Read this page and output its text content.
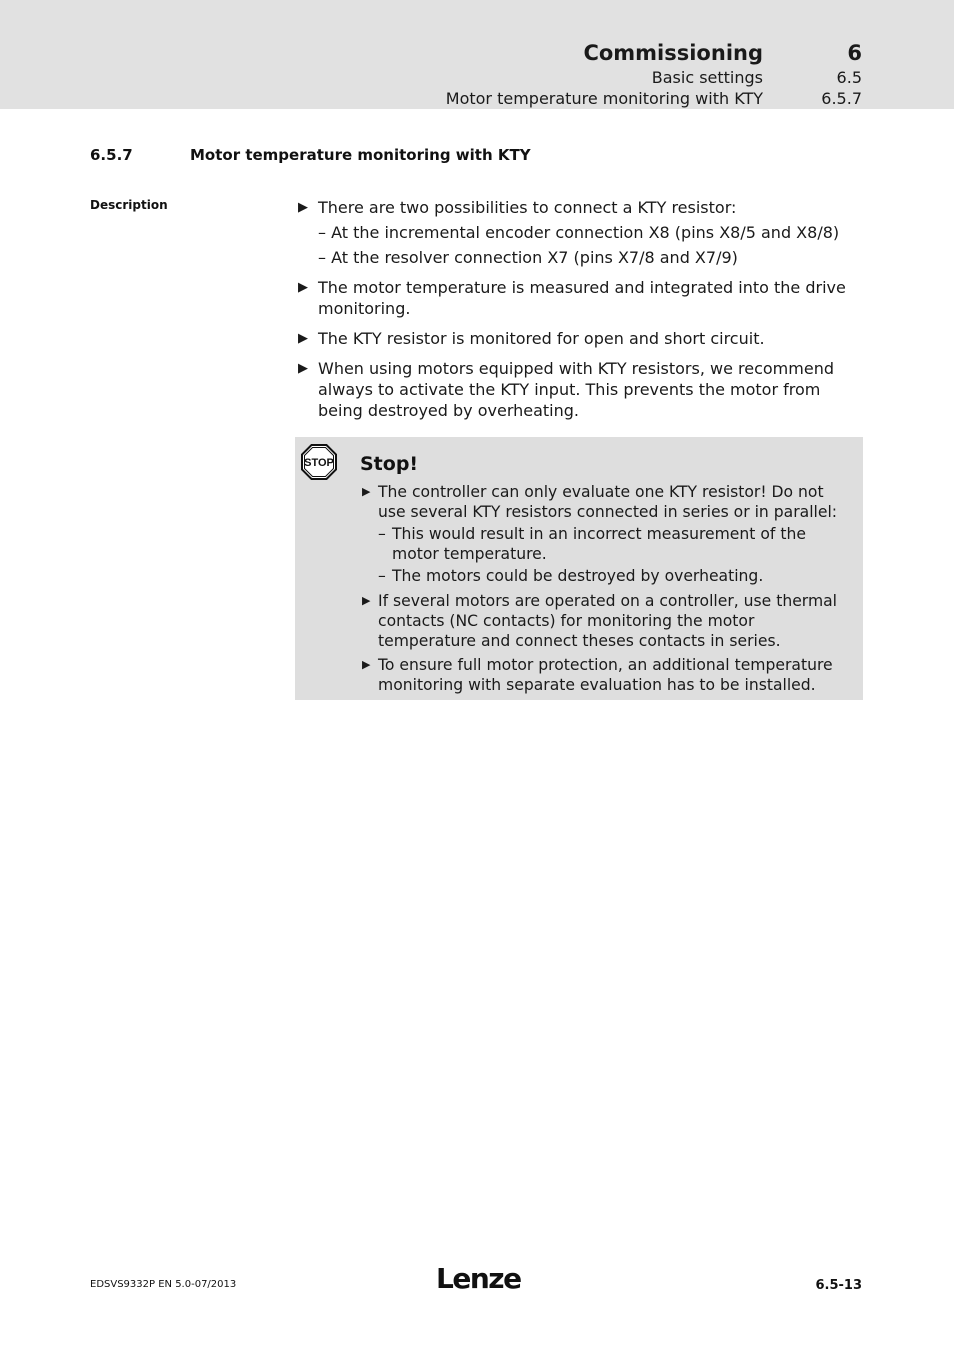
Commissioning	6
Basic settings	6.5
Motor temperature monitoring with KTY	6.5.7
6.5.7	Motor temperature monitoring with KTY
Description	▶ There are two possibilities to connect a KTY resistor:
– At the incremental encoder connection X8 (pins X8/5 and X8/8)
– At the resolver connection X7 (pins X7/8 and X7/9)
▶ The motor temperature is measured and integrated into the drive monitoring.
▶ The KTY resistor is monitored for open and short circuit.
▶ When using motors equipped with KTY resistors, we recommend always to activate the KTY input. This prevents the motor from being destroyed by overheating.
STOP Stop!
▶ The controller can only evaluate one KTY resistor! Do not use several KTY resistors connected in series or in parallel:
– This would result in an incorrect measurement of the motor temperature.
– The motors could be destroyed by overheating.
▶ If several motors are operated on a controller, use thermal contacts (NC contacts) for monitoring the motor temperature and connect theses contacts in series.
▶ To ensure full motor protection, an additional temperature monitoring with separate evaluation has to be installed.
EDSVS9332P EN 5.0-07/2013	Lenze	6.5-13
